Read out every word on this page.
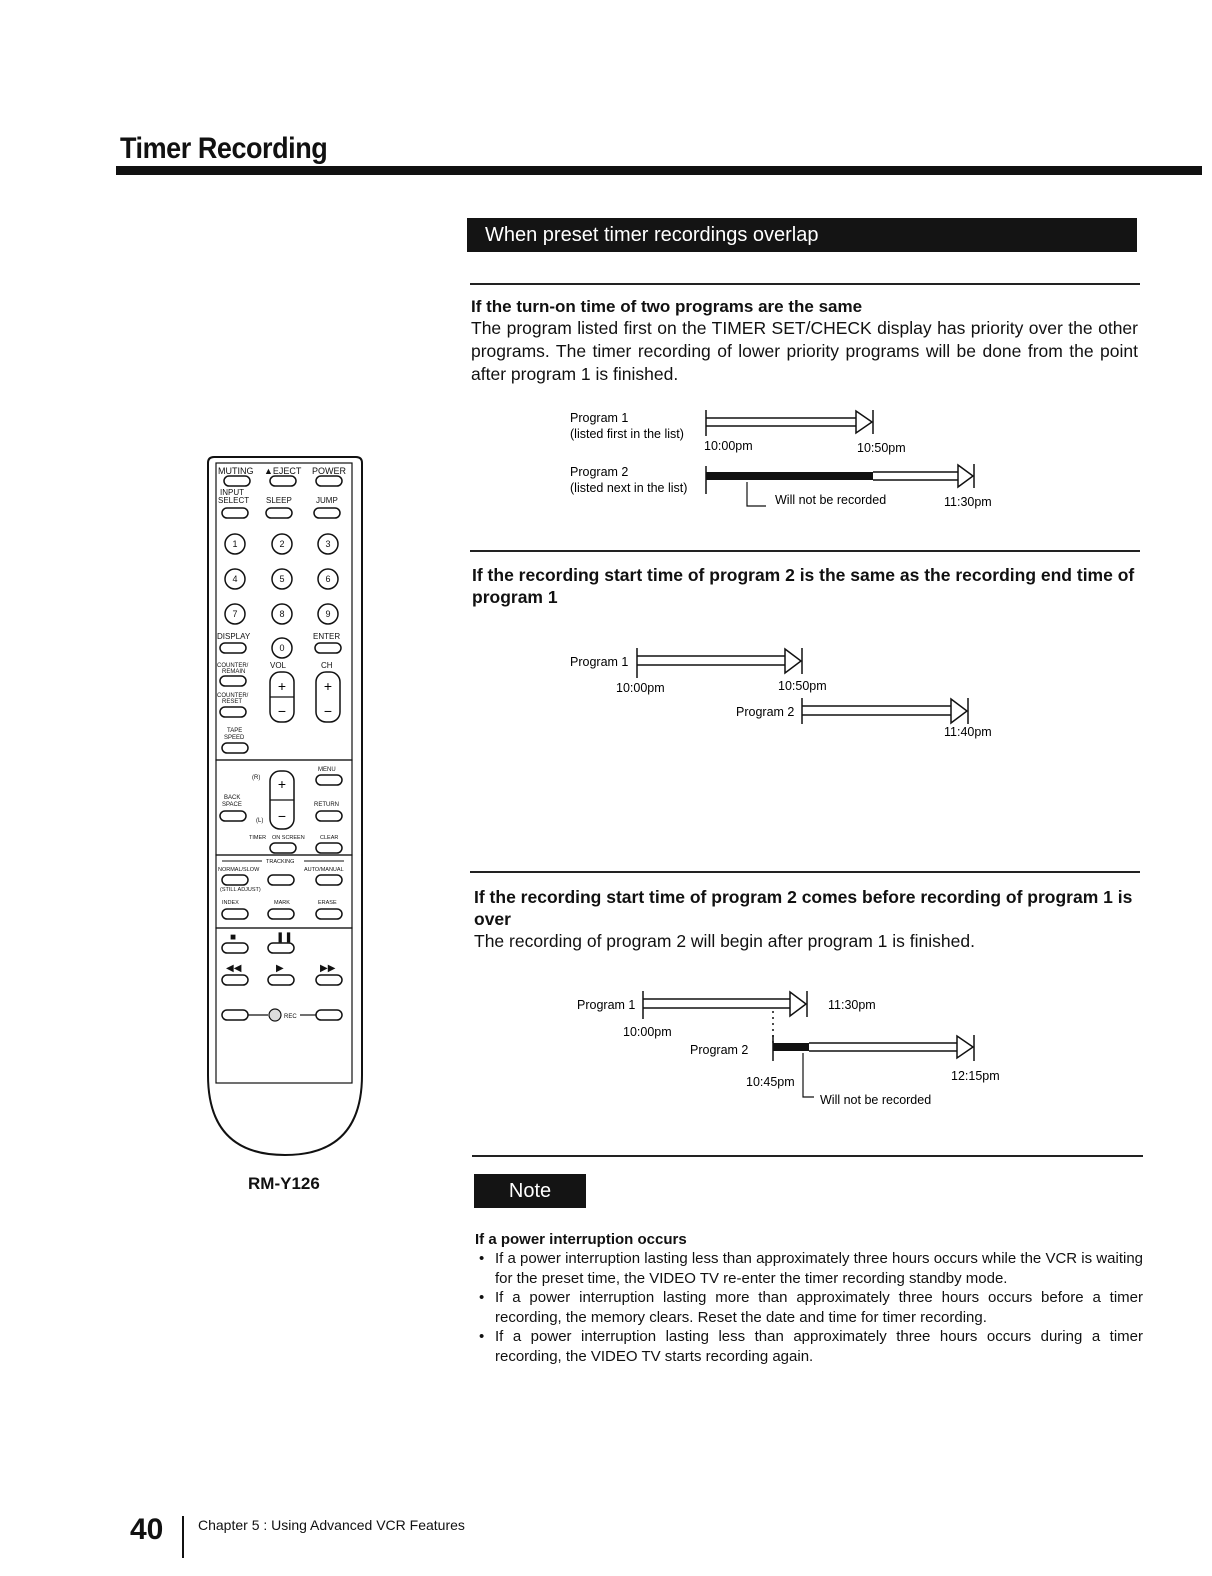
Timer Recording
When preset timer recordings overlap
If the turn-on time of two programs are the same
The program listed first on the TIMER SET/CHECK display has priority over the other programs. The timer recording of lower priority programs will be done from the point after program 1 is finished.
Program 1
(listed first in the list)
10:00pm	10:50pm
Program 2
(listed next in the list)
Will not be recorded	11:30pm
If the recording start time of program 2 is the same as the recording end time of program 1
Program 1
10:00pm	10:50pm
Program 2
11:40pm
If the recording start time of program 2 comes before recording of program 1 is over
The recording of program 2 will begin after program 1 is finished.
Program 1	11:30pm
10:00pm
Program 2
12:15pm
10:45pm
Will not be recorded
Note
If a power interruption occurs
• If a power interruption lasting less than approximately three hours occurs while the VCR is waiting for the preset time, the VIDEO TV re-enter the timer recording standby mode.
• If a power interruption lasting more than approximately three hours occurs before a timer recording, the memory clears. Reset the date and time for timer recording.
• If a power interruption lasting less than approximately three hours occurs during a timer recording, the VIDEO TV starts recording again.
MUTING ▲EJECT POWER
INPUT
SELECT SLEEP	JUMP
1	2	3
4	5	6
7	8	9
0
DISPLAY	ENTER
COUNTER/
REMAIN
VOL	CH
+
−
+
−
COUNTER/
RESET
TAPE
SPEED
MENU
(R)
BACK
SPACE	RETURN
(L)
+
−
TIMER ON SCREEN	CLEAR
TRACKING
NORMAL/SLOW	AUTO/MANUAL
(STILL ADJUST)
INDEX	MARK	ERASE
■	❚❚
◀◀	▶	▶▶
REC
RM-Y126
40 Chapter 5 : Using Advanced VCR Features
